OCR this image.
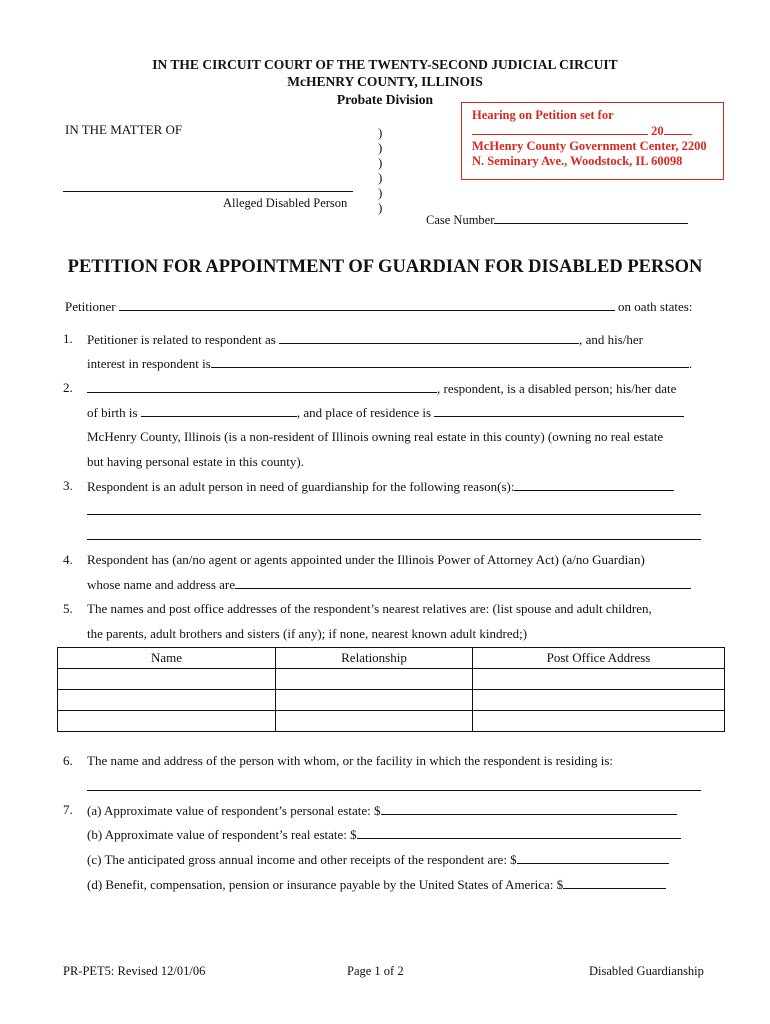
IN THE CIRCUIT COURT OF THE TWENTY-SECOND JUDICIAL CIRCUIT
McHENRY COUNTY, ILLINOIS
Probate Division
IN THE MATTER OF	)
)
)
)
)
)
Alleged Disabled Person
Case Number
Hearing on Petition set for
20
McHenry County Government Center, 2200
N. Seminary Ave., Woodstock, IL 60098
PETITION FOR APPOINTMENT OF GUARDIAN FOR DISABLED PERSON
Petitioner	on oath states:
1. Petitioner is related to respondent as	, and his/her
interest in respondent is	.
2.	, respondent, is a disabled person; his/her date
of birth is	, and place of residence is
McHenry County, Illinois (is a non-resident of Illinois owning real estate in this county) (owning no real estate
but having personal estate in this county).
3. Respondent is an adult person in need of guardianship for the following reason(s):
4. Respondent has (an/no agent or agents appointed under the Illinois Power of Attorney Act) (a/no Guardian)
whose name and address are
5. The names and post office addresses of the respondent’s nearest relatives are: (list spouse and adult children,
the parents, adult brothers and sisters (if any); if none, nearest known adult kindred;)
Name	Relationship	Post Office Address

6. The name and address of the person with whom, or the facility in which the respondent is residing is:
7. (a) Approximate value of respondent’s personal estate: $
(b) Approximate value of respondent’s real estate: $
(c) The anticipated gross annual income and other receipts of the respondent are: $
(d) Benefit, compensation, pension or insurance payable by the United States of America: $
PR-PET5: Revised 12/01/06	Page 1 of 2	Disabled Guardianship
